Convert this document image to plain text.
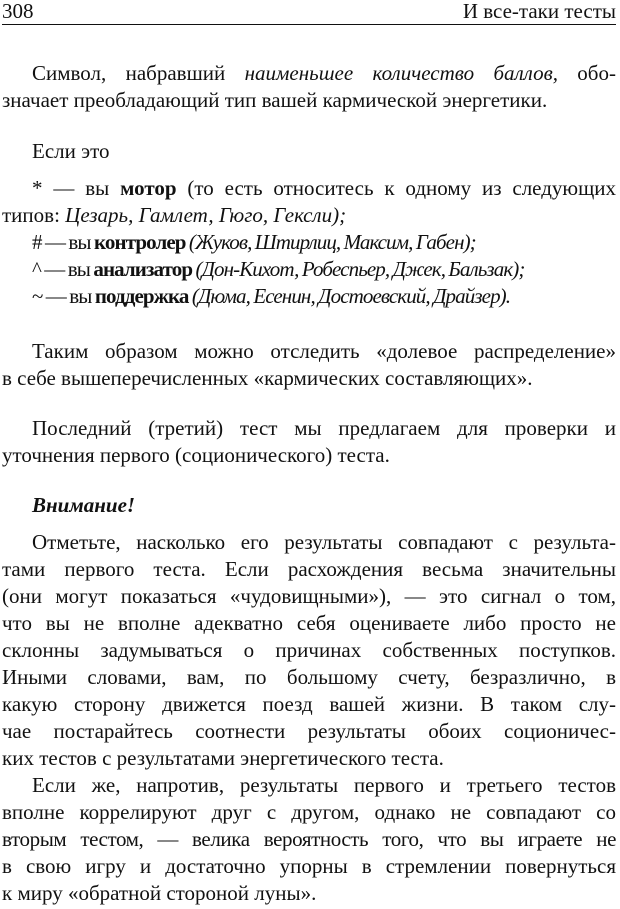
308	И все-таки тесты
Символ, набравший наименьшее количество баллов, обо-
значает преобладающий тип вашей кармической энергетики.
Если это
* — вы мотор (то есть относитесь к одному из следующих
типов: Цезарь, Гамлет, Гюго, Гексли);
# — вы контролер (Жуков, Штирлиц, Максим, Габен);
^ — вы анализатор (Дон-Кихот, Робеспьер, Джек, Бальзак);
~ — вы поддержка (Дюма, Есенин, Достоевский, Драйзер).
Таким образом можно отследить «долевое распределение»
в себе вышеперечисленных «кармических составляющих».
Последний (третий) тест мы предлагаем для проверки и
уточнения первого (соционического) теста.
Внимание!
Отметьте, насколько его результаты совпадают с результа-
тами первого теста. Если расхождения весьма значительны
(они могут показаться «чудовищными»), — это сигнал о том,
что вы не вполне адекватно себя оцениваете либо просто не
склонны задумываться о причинах собственных поступков.
Иными словами, вам, по большому счету, безразлично, в
какую сторону движется поезд вашей жизни. В таком слу-
чае постарайтесь соотнести результаты обоих соционичес-
ких тестов с результатами энергетического теста.
Если же, напротив, результаты первого и третьего тестов
вполне коррелируют друг с другом, однако не совпадают со
вторым тестом, — велика вероятность того, что вы играете не
в свою игру и достаточно упорны в стремлении повернуться
к миру «обратной стороной луны».
